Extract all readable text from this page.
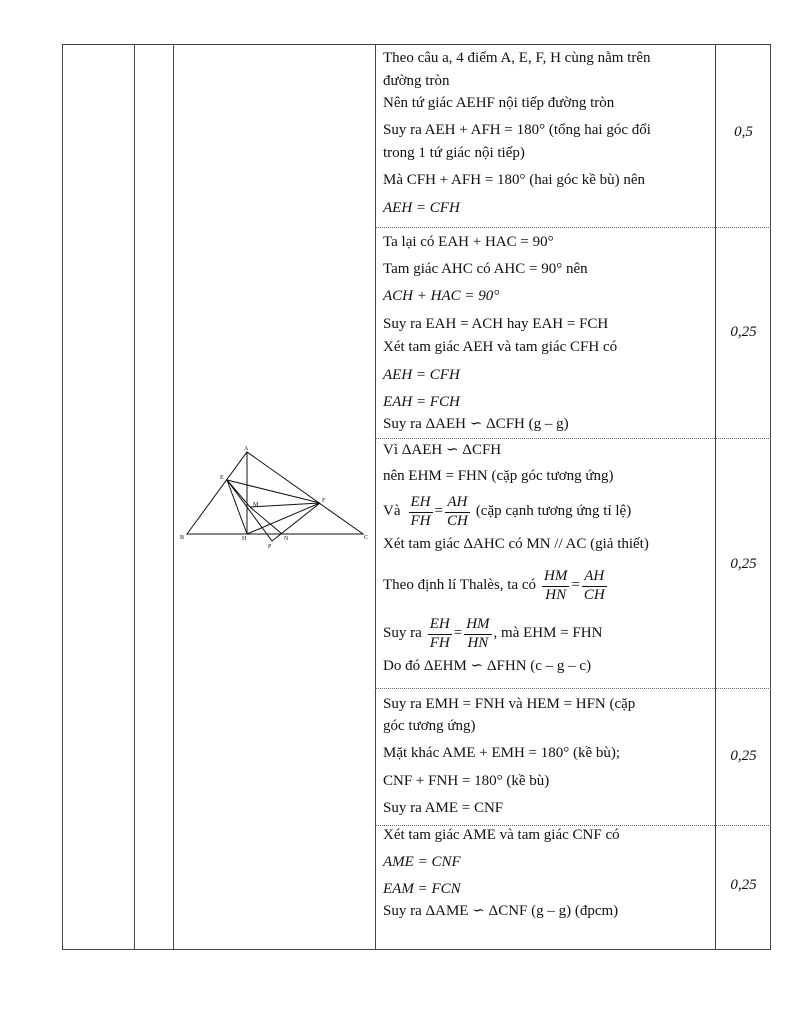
A
B	C
E
F
H
M
N
P
Theo câu a, 4 điểm A, E, F, H cùng nằm trên
đường tròn
Nên tứ giác AEHF nội tiếp đường tròn
Suy ra AEH + AFH = 180° (tổng hai góc đối
trong 1 tứ giác nội tiếp)
Mà CFH + AFH = 180° (hai góc kề bù) nên
AEH = CFH
0,5
Ta lại có EAH + HAC = 90°
Tam giác AHC có AHC = 90° nên
ACH + HAC = 90°
Suy ra EAH = ACH hay EAH = FCH
Xét tam giác AEH và tam giác CFH có
AEH = CFH
EAH = FCH
Suy ra ΔAEH ∽ ΔCFH (g – g)
0,25
Vì ΔAEH ∽ ΔCFH
nên EHM = FHN (cặp góc tương ứng)
Và $\frac{EH}{FH} = \frac{AH}{CH}$ (cặp cạnh tương ứng tỉ lệ)
Xét tam giác ΔAHC có MN // AC (giả thiết)
Theo định lí Thalès, ta có $\frac{HM}{HN} = \frac{AH}{CH}$
Suy ra $\frac{EH}{FH} = \frac{HM}{HN}$ , mà EHM = FHN
Do đó ΔEHM ∽ ΔFHN (c – g – c)
0,25
Suy ra EMH = FNH và HEM = HFN (cặp
góc tương ứng)
Mặt khác AME + EMH = 180° (kề bù);
CNF + FNH = 180° (kề bù)
Suy ra AME = CNF
0,25
Xét tam giác AME và tam giác CNF có
AME = CNF
EAM = FCN
Suy ra ΔAME ∽ ΔCNF (g – g) (đpcm)
0,25
